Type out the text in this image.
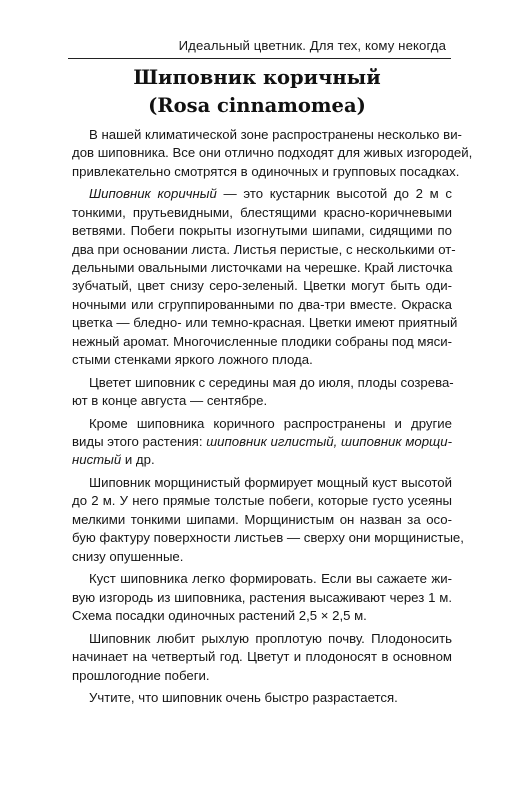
Идеальный цветник. Для тех, кому некогда
Шиповник коричный
(Rosa cinnamomea)
В нашей климатической зоне распространены несколько ви-
дов шиповника. Все они отлично подходят для живых изгородей,
привлекательно смотрятся в одиночных и групповых посадках.
Шиповник коричный — это кустарник высотой до 2 м с
тонкими, прутьевидными, блестящими красно-коричневыми
ветвями. Побеги покрыты изогнутыми шипами, сидящими по
два при основании листа. Листья перистые, с несколькими от-
дельными овальными листочками на черешке. Край листочка
зубчатый, цвет снизу серо-зеленый. Цветки могут быть оди-
ночными или сгруппированными по два-три вместе. Окраска
цветка — бледно- или темно-красная. Цветки имеют приятный
нежный аромат. Многочисленные плодики собраны под мяси-
стыми стенками яркого ложного плода.
Цветет шиповник с середины мая до июля, плоды созрева-
ют в конце августа — сентябре.
Кроме шиповника коричного распространены и другие
виды этого растения: шиповник иглистый, шиповник морщи-
нистый и др.
Шиповник морщинистый формирует мощный куст высотой
до 2 м. У него прямые толстые побеги, которые густо усеяны
мелкими тонкими шипами. Морщинистым он назван за осо-
бую фактуру поверхности листьев — сверху они морщинистые,
снизу опушенные.
Куст шиповника легко формировать. Если вы сажаете жи-
вую изгородь из шиповника, растения высаживают через 1 м.
Схема посадки одиночных растений 2,5 × 2,5 м.
Шиповник любит рыхлую проплотую почву. Плодоносить
начинает на четвертый год. Цветут и плодоносят в основном
прошлогодние побеги.
Учтите, что шиповник очень быстро разрастается.
